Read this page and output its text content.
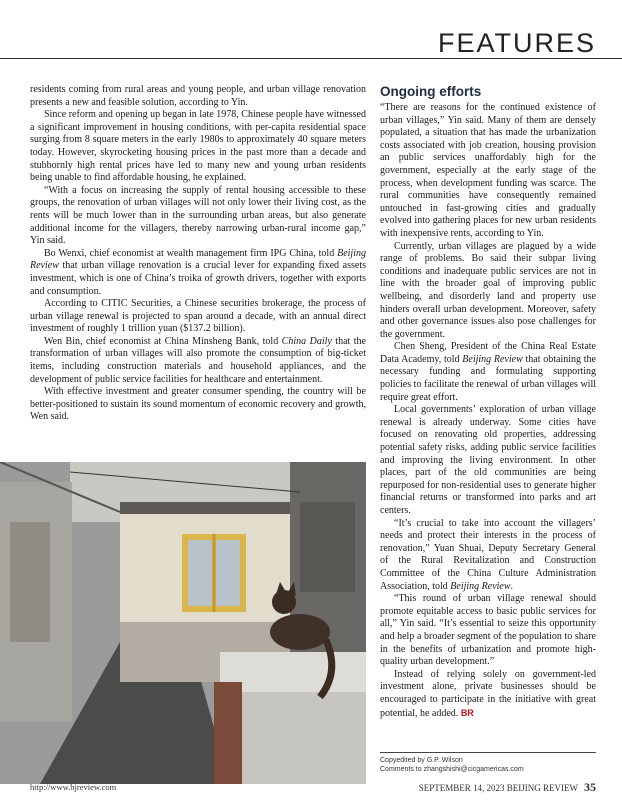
FEATURES

residents coming from rural areas and young people, and urban village renovation presents a new and feasible solution, according to Yin.

Since reform and opening up began in late 1978, Chinese people have witnessed a significant improvement in housing conditions, with per-capita residential space surging from 8 square meters in the early 1980s to approximately 40 square meters today. However, skyrocketing housing prices in the past more than a decade and stubbornly high rental prices have led to many new and young urban residents being unable to find affordable housing, he explained.

“With a focus on increasing the supply of rental housing accessible to these groups, the renovation of urban villages will not only lower their living cost, as the rents will be much lower than in the surrounding urban areas, but also generate additional income for the villagers, thereby narrowing urban-rural income gap,” Yin said.

Bo Wenxi, chief economist at wealth management firm IPG China, told Beijing Review that urban village renovation is a crucial lever for expanding fixed assets investment, which is one of China’s troika of growth drivers, together with exports and consumption.

According to CITIC Securities, a Chinese securities brokerage, the process of urban village renewal is projected to span around a decade, with an annual direct investment of roughly 1 trillion yuan ($137.2 billion).

Wen Bin, chief economist at China Minsheng Bank, told China Daily that the transformation of urban villages will also promote the consumption of big-ticket items, including construction materials and household appliances, and the development of public service facilities for healthcare and entertainment.

With effective investment and greater consumer spending, the country will be better-positioned to sustain its sound momentum of economic recovery and growth, Wen said.

Ongoing efforts

“There are reasons for the continued existence of urban villages,” Yin said. Many of them are densely populated, a situation that has made the urbanization costs associated with job creation, housing provision an public services unaffordably high for the government, especially at the early stage of the process, when development funding was scarce. The rural communities have consequently remained untouched in fast-growing cities and gradually evolved into gathering places for new urban residents with inexpensive rents, according to Yin.

Currently, urban villages are plagued by a wide range of problems. Bo said their subpar living conditions and inadequate public services are not in line with the broader goal of improving public wellbeing, and disorderly land and property use hinders overall urban development. Moreover, safety and other governance issues also pose challenges for the government.

Chen Sheng, President of the China Real Estate Data Academy, told Beijing Review that obtaining the necessary funding and formulating supporting policies to facilitate the renewal of urban villages will require great effort.

Local governments’ exploration of urban village renewal is already underway. Some cities have focused on renovating old properties, addressing potential safety risks, adding public service facilities and improving the living environment. In other places, part of the old communities are being repurposed for non-residential uses to generate higher financial returns or transformed into parks and art centers.

“It’s crucial to take into account the villagers’ needs and protect their interests in the process of renovation,” Yuan Shuai, Deputy Secretary General of the Rural Revitalization and Construction Committee of the China Culture Administration Association, told Beijing Review.

“This round of urban village renewal should promote equitable access to basic public services for all,” Yin said. “It’s essential to seize this opportunity and help a broader segment of the population to share in the benefits of urbanization and promote high-quality urban development.”

Instead of relying solely on government-led investment alone, private businesses should be encouraged to participate in the initiative with great potential, he added. BR

Copyedited by G.P. Wilson
Comments to zhangshishi@cicgamericas.com
http://www.bjreview.com	SEPTEMBER 14, 2023 BEIJING REVIEW 35
